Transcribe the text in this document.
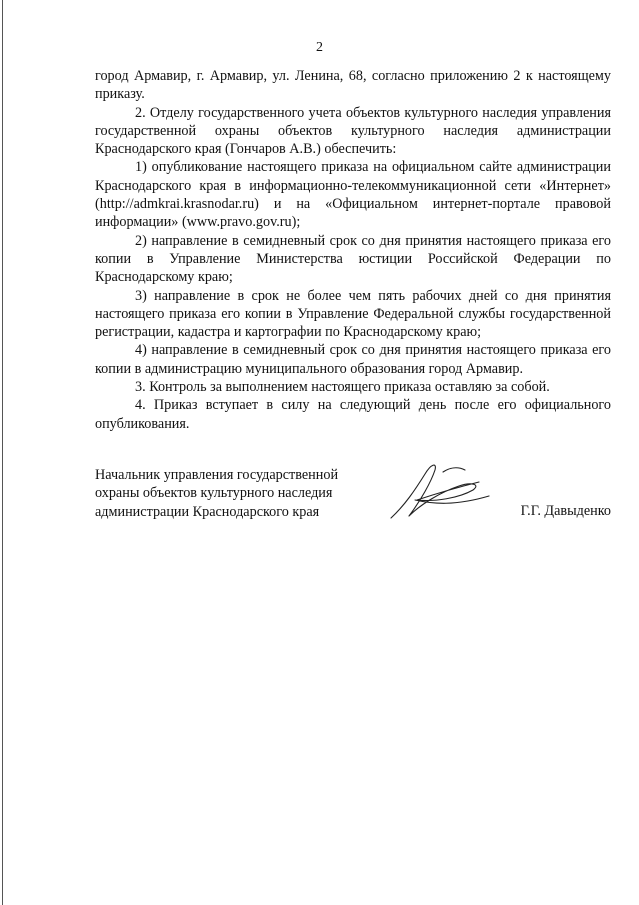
2

город Армавир, г. Армавир, ул. Ленина, 68, согласно приложению 2 к настоящему приказу.

2. Отделу государственного учета объектов культурного наследия управления государственной охраны объектов культурного наследия администрации Краснодарского края (Гончаров А.В.) обеспечить:

1) опубликование настоящего приказа на официальном сайте администрации Краснодарского края в информационно-телекоммуникационной сети «Интернет» (http://admkrai.krasnodar.ru) и на «Официальном интернет-портале правовой информации» (www.pravo.gov.ru);

2) направление в семидневный срок со дня принятия настоящего приказа его копии в Управление Министерства юстиции Российской Федерации по Краснодарскому краю;

3) направление в срок не более чем пять рабочих дней со дня принятия настоящего приказа его копии в Управление Федеральной службы государственной регистрации, кадастра и картографии по Краснодарскому краю;

4) направление в семидневный срок со дня принятия настоящего приказа его копии в администрацию муниципального образования город Армавир.

3. Контроль за выполнением настоящего приказа оставляю за собой.

4. Приказ вступает в силу на следующий день после его официального опубликования.

Начальник управления государственной
охраны объектов культурного наследия
администрации Краснодарского края	Г.Г. Давыденко
